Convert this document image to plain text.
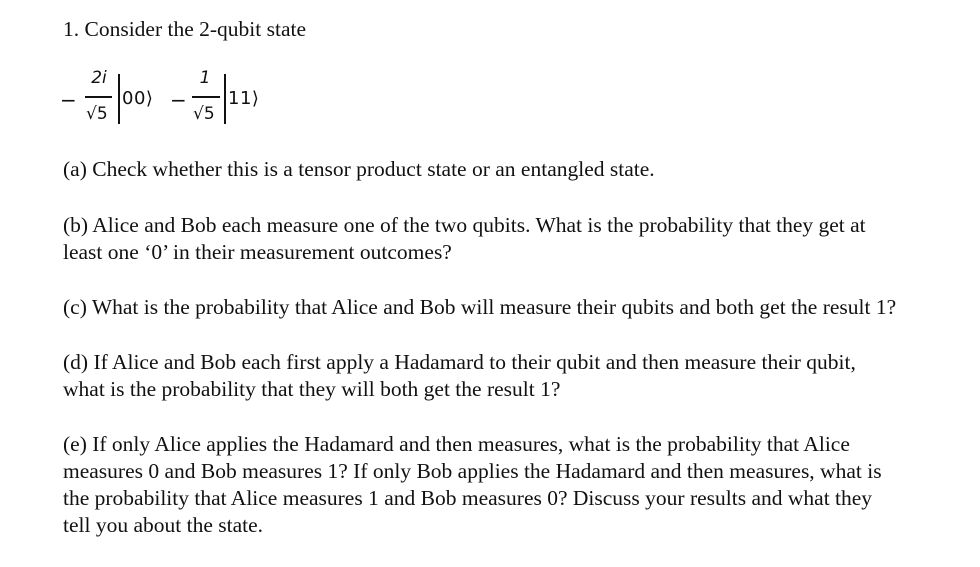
1. Consider the 2-qubit state
−
2i
√5
00⟩ −
1
√5
11⟩
(a) Check whether this is a tensor product state or an entangled state.
(b) Alice and Bob each measure one of the two qubits. What is the probability that they get at
least one ‘0’ in their measurement outcomes?
(c) What is the probability that Alice and Bob will measure their qubits and both get the result 1?
(d) If Alice and Bob each first apply a Hadamard to their qubit and then measure their qubit,
what is the probability that they will both get the result 1?
(e) If only Alice applies the Hadamard and then measures, what is the probability that Alice
measures 0 and Bob measures 1? If only Bob applies the Hadamard and then measures, what is
the probability that Alice measures 1 and Bob measures 0? Discuss your results and what they
tell you about the state.
